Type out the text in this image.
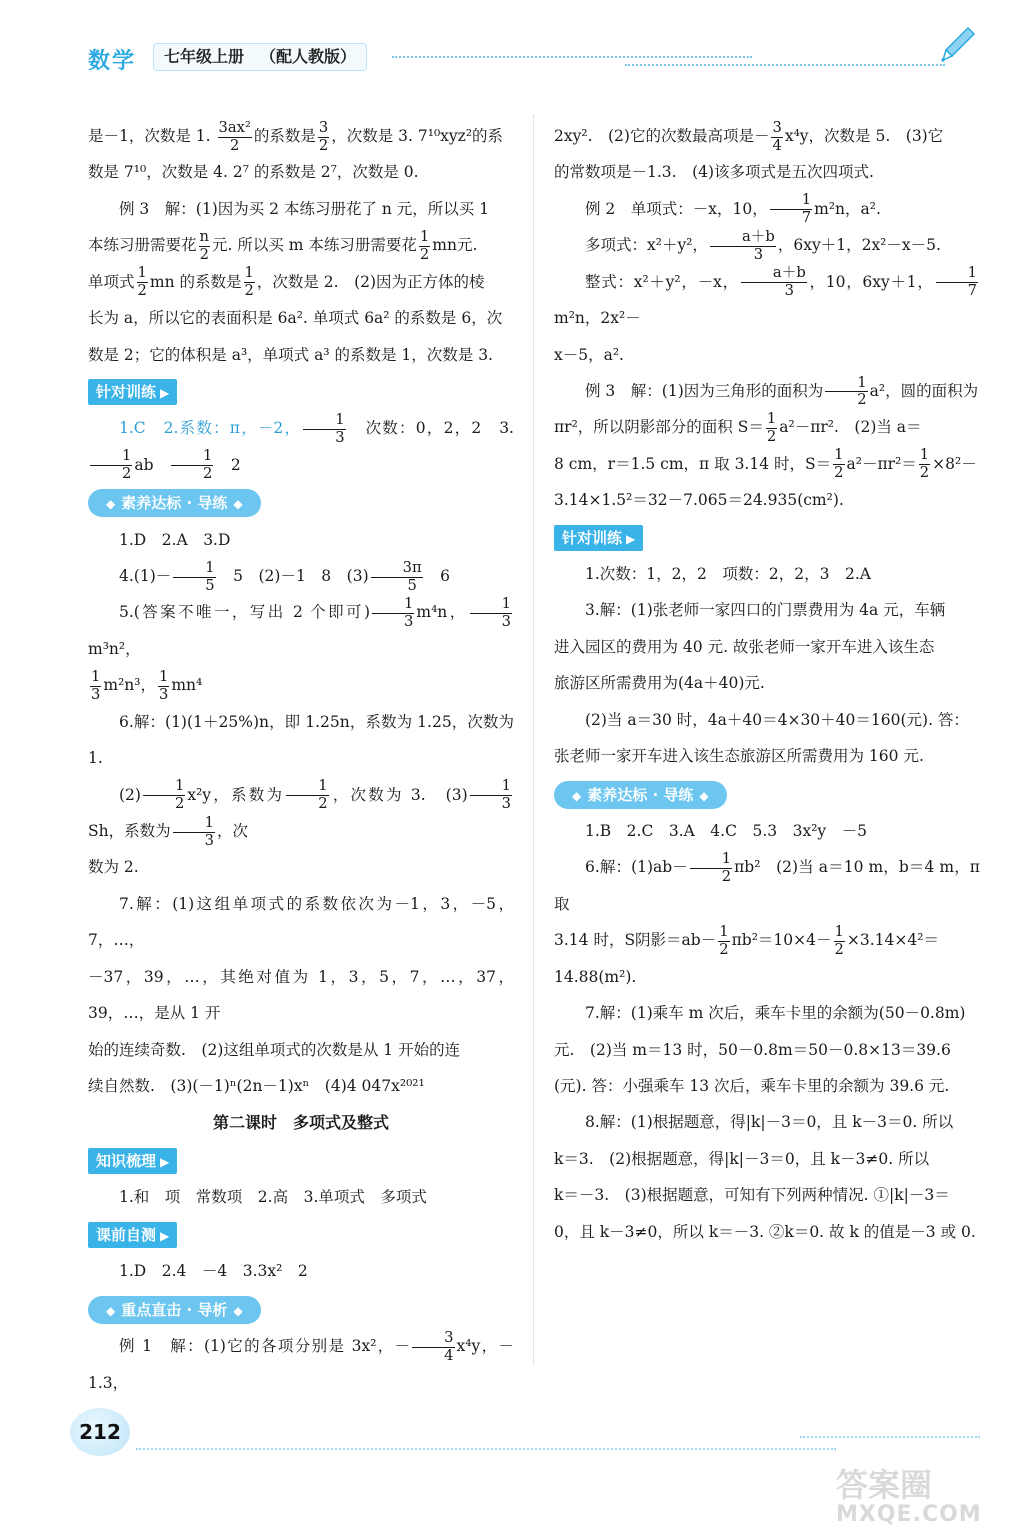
数学	七年级上册 （配人教版）

是－1，次数是 1. $\frac{\text{3ax²}}{2}$ 的系数是 $\frac{3}{2}$ ，次数是 3. 7¹⁰xyz²的系

数是 7¹⁰，次数是 4. 2⁷ 的系数是 2⁷，次数是 0.

例 3　解：(1)因为买 2 本练习册花了 n 元，所以买 1

本练习册需要花 $\frac{n}{2}$ 元. 所以买 m 本练习册需要花 $\frac{1}{2}$ mn元.

单项式 $\frac{1}{2}$ mn 的系数是 $\frac{1}{2}$ ，次数是 2.　(2)因为正方体的棱

长为 a，所以它的表面积是 6a². 单项式 6a² 的系数是 6，次

数是 2；它的体积是 a³，单项式 a³ 的系数是 1，次数是 3.

针对训练 ▶

1.C　2.系数：π，－2， $\frac{1}{3}$ 　次数：0，2，2　3.
$\frac{1}{2}$ ab　 $\frac{1}{2}$ 　2

◆ 素养达标 · 导练 ◆

1.D　2.A　3.D

$4.(1)- \frac{1}{5}$ 　5　(2)－1　8　$(3) \frac{3\pi}{5}$ 　6

5.(答案不唯一，写出 2 个即可) $\frac{1}{3} m^4n$， $\frac{1}{3}$
m³n²，

$\frac{1}{3} m^2n^3$， $\frac{1}{3} mn^4$

6.解：(1)(1＋25%)n，即 1.25n，系数为 1.25，次数为 1.

$(2) \frac{1}{2} x^2y$，系数为 $\frac{1}{2}$ ，次数为 3.　$(3) \frac{1}{3}$
Sh，系数为 $\frac{1}{3}$ ，次

数为 2.

7.解：(1)这组单项式的系数依次为－1，3，－5，7，…，

－37，39，…，其绝对值为 1，3，5，7，…，37，39，…，是从 1 开

始的连续奇数.　(2)这组单项式的次数是从 1 开始的连

续自然数.　(3)(－1)ⁿ(2n－1)xⁿ　(4)4 047x²⁰²¹

第二课时　多项式及整式
知识梳理 ▶

1.和　项　常数项　2.高　3.单项式　多项式

课前自测 ▶

1.D　2.4　－4　3.3x²　2

◆ 重点直击 · 导析 ◆

例 1　解：(1)它的各项分别是 3x²，－ $\frac{3}{4} x^4y$，－1.3，

2xy².　(2)它的次数最高项是－ $\frac{3}{4} x^4y$，次数是 5.　(3)它

的常数项是－1.3.　(4)该多项式是五次四项式.

例 2　单项式：－x，10， $\frac{1}{7} m^2n$，a².

多项式：x²＋y²， $\frac{a+b}{3}$ ，6xy＋1，2x²－x－5.

整式：x²＋y²，－x， $\frac{a+b}{3}$ ，10，6xy＋1， $\frac{1}{7}$
m²n，2x²－

x－5，a².

例 3　解：(1)因为三角形的面积为 $\frac{1}{2} a^2$，圆的面积为

πr²，所以阴影部分的面积 $S= \frac{1}{2} a^2-\pi r^2$.　(2)当 a＝

8 cm，r＝1.5 cm，π 取 3.14 时，$S= \frac{1}{2} a^2-\pi r^2= \frac{1}{2} \times 8^2-$

3.14×1.5²＝32－7.065＝24.935(cm²).

针对训练 ▶

1.次数：1，2，2　项数：2，2，3　2.A

3.解：(1)张老师一家四口的门票费用为 4a 元，车辆

进入园区的费用为 40 元. 故张老师一家开车进入该生态

旅游区所需费用为(4a＋40)元.

(2)当 a＝30 时，4a＋40＝4×30＋40＝160(元). 答：

张老师一家开车进入该生态旅游区所需费用为 160 元.

◆ 素养达标 · 导练 ◆

1.B　2.C　3.A　4.C　5.3　3x²y　－5

6.解：$(1)ab- \frac{1}{2} \pi b^2$　(2)当 a＝10 m，b＝4 m，π 取

3.14 时，S阴影$=ab- \frac{1}{2} \pi b^2=10\times 4- \frac{1}{2} \times 3.14\times 4^2=$

14.88(m²).

7.解：(1)乘车 m 次后，乘车卡里的余额为(50－0.8m)

元.　(2)当 m＝13 时，50－0.8m＝50－0.8×13＝39.6

(元). 答：小强乘车 13 次后，乘车卡里的余额为 39.6 元.

8.解：(1)根据题意，得|k|－3＝0，且 k－3＝0. 所以

k＝3.　(2)根据题意，得|k|－3＝0，且 k－3≠0. 所以

k＝－3.　(3)根据题意，可知有下列两种情况. ①|k|－3＝

0，且 k－3≠0，所以 k＝－3. ②k＝0. 故 k 的值是－3 或 0.

212
答案圈
MXQE.COM
